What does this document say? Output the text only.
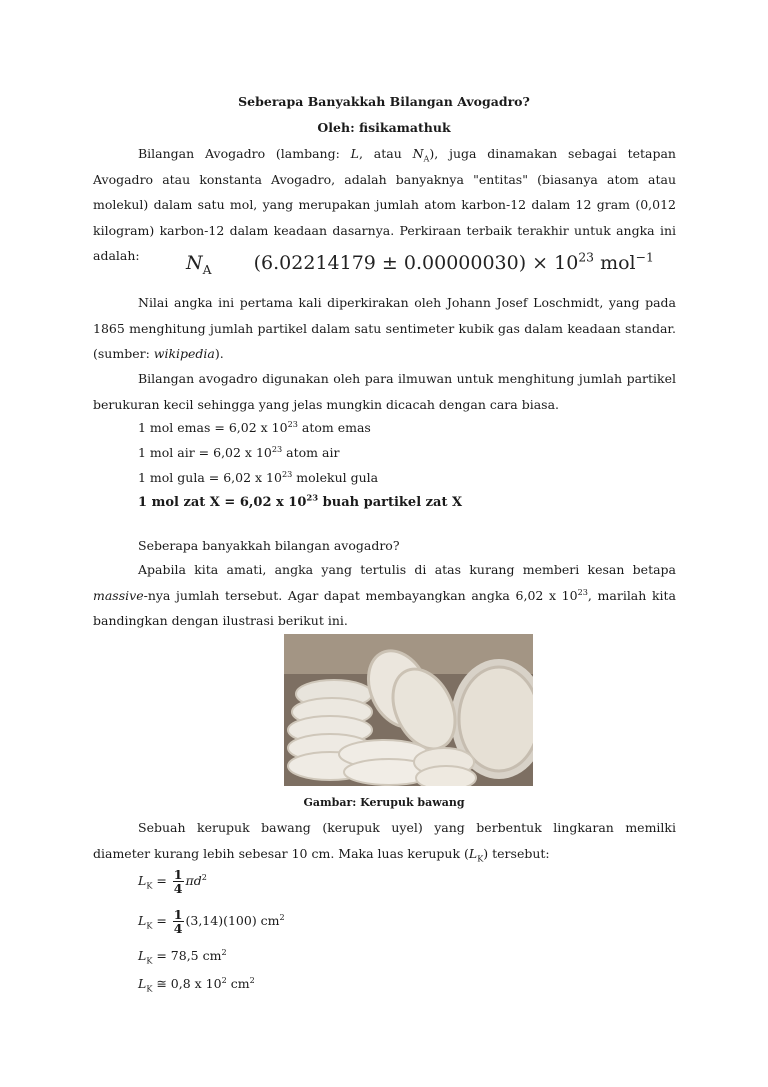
Seberapa Banyakkah Bilangan Avogadro?
Oleh: fisikamathuk
Bilangan Avogadro (lambang: L, atau $N_A$), juga dinamakan sebagai tetapan Avogadro atau konstanta Avogadro, adalah banyaknya "entitas" (biasanya atom atau molekul) dalam satu mol, yang merupakan jumlah atom karbon-12 dalam 12 gram (0,012 kilogram) karbon-12 dalam keadaan dasarnya. Perkiraan terbaik terakhir untuk angka ini adalah:	$N_A$ $(6.02214179 \pm 0.00000030) \times 10^{23}$ mol$^{-1}$
Nilai angka ini pertama kali diperkirakan oleh Johann Josef Loschmidt, yang pada 1865 menghitung jumlah partikel dalam satu sentimeter kubik gas dalam keadaan standar. (sumber: wikipedia).
Bilangan avogadro digunakan oleh para ilmuwan untuk menghitung jumlah partikel berukuran kecil sehingga yang jelas mungkin dicacah dengan cara biasa.
1 mol emas = 6,02 x $10^{23}$ atom emas
1 mol air = 6,02 x $10^{23}$ atom air
1 mol gula = 6,02 x $10^{23}$ molekul gula
1 mol zat X = 6,02 x $10^{23}$ buah partikel zat X
Seberapa banyakkah bilangan avogadro?
Apabila kita amati, angka yang tertulis di atas kurang memberi kesan betapa massive-nya jumlah tersebut. Agar dapat membayangkan angka 6,02 x $10^{23}$, marilah kita bandingkan dengan ilustrasi berikut ini.
Gambar: Kerupuk bawang
Sebuah kerupuk bawang (kerupuk uyel) yang berbentuk lingkaran memilki diameter kurang lebih sebesar 10 cm. Maka luas kerupuk $(L_K)$ tersebut:
$L_K = \frac{1}{4} \pi d^2$
$L_K = \frac{1}{4} (3,14)(100)$ $cm^2$
$L_K = 78,5$ $cm^2$
$L_K$ ≅ 0,8 x $10^2$ $cm^2$
